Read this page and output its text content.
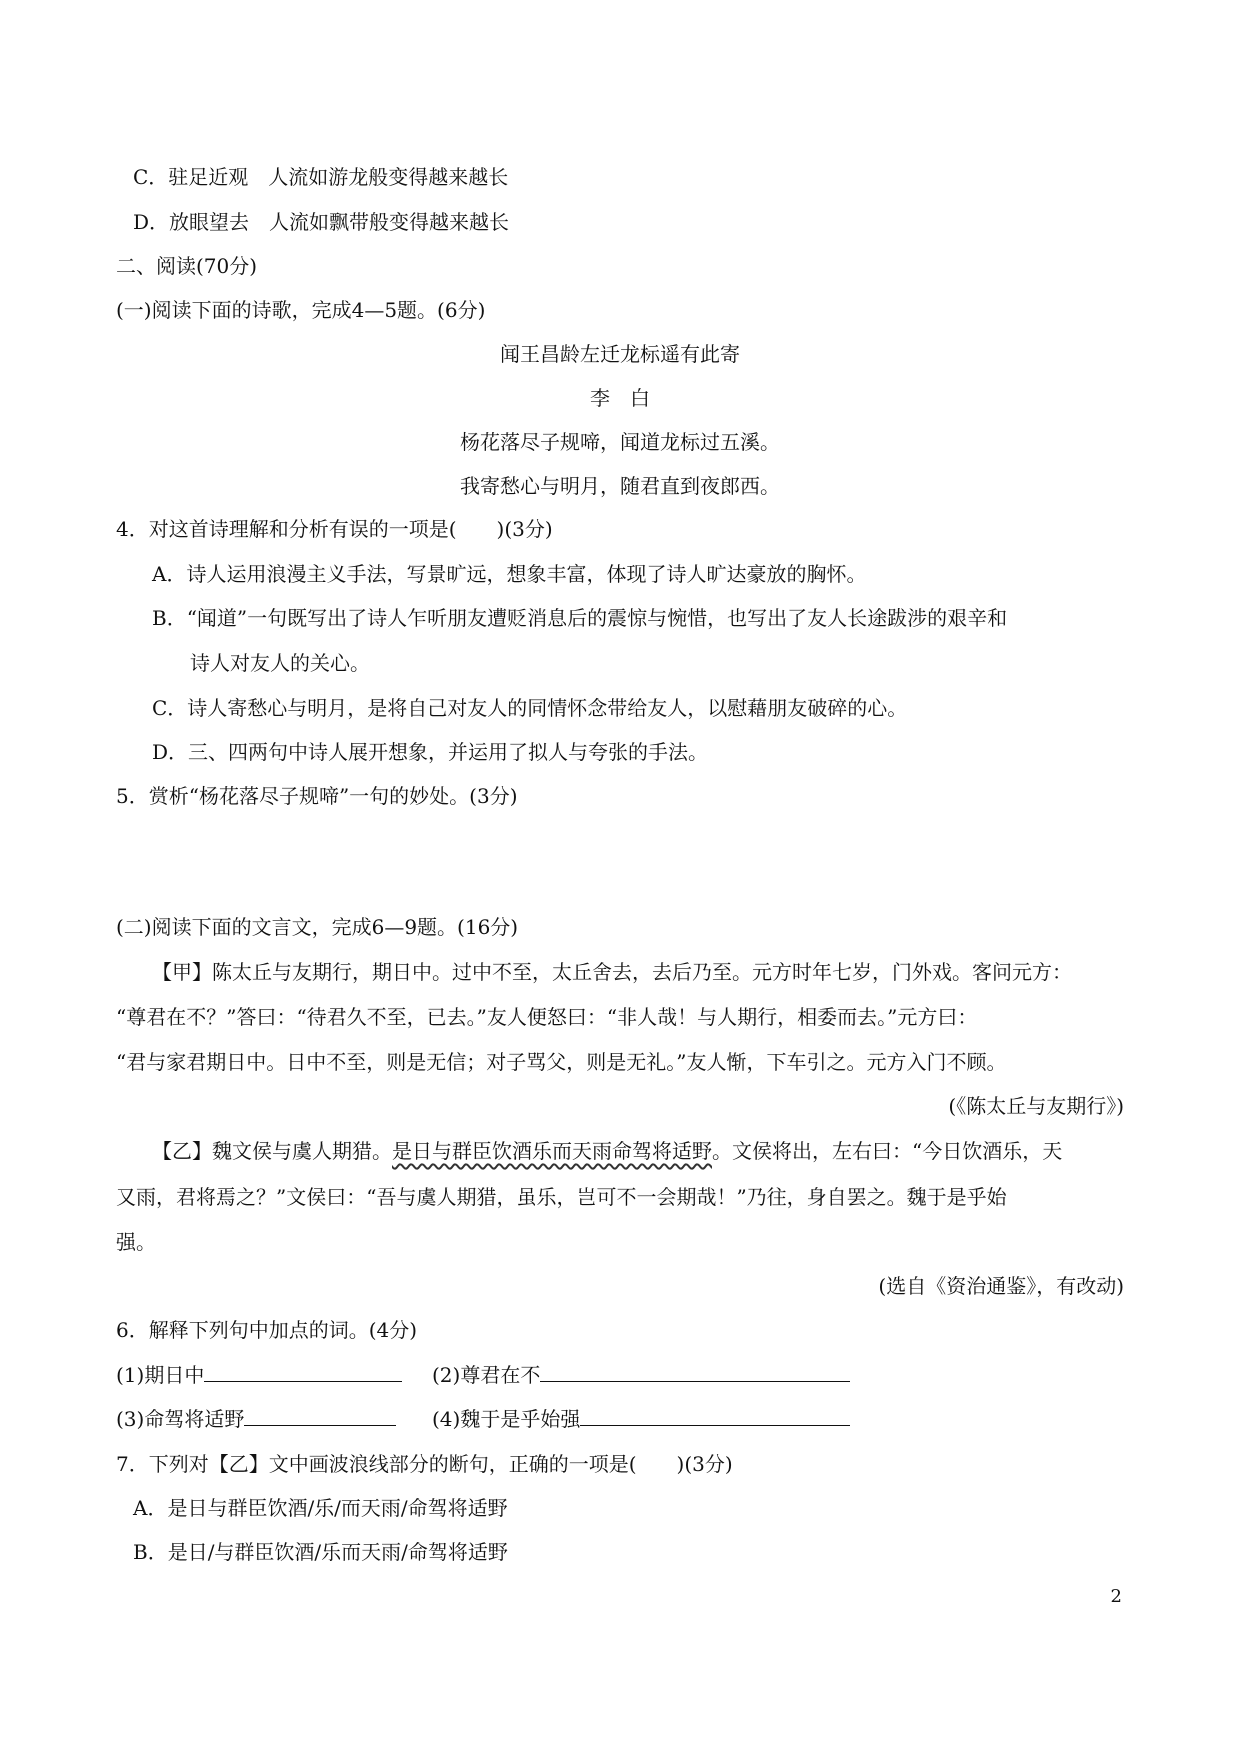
C．驻足近观　人流如游龙般变得越来越长
D．放眼望去　人流如飘带般变得越来越长
二、阅读(70分)
(一)阅读下面的诗歌，完成4—5题。(6分)
闻王昌龄左迁龙标遥有此寄
李　白
杨花落尽子规啼，闻道龙标过五溪。
我寄愁心与明月，随君直到夜郎西。
4．对这首诗理解和分析有误的一项是(　　)(3分)
A．诗人运用浪漫主义手法，写景旷远，想象丰富，体现了诗人旷达豪放的胸怀。
B．“闻道”一句既写出了诗人乍听朋友遭贬消息后的震惊与惋惜，也写出了友人长途跋涉的艰辛和
诗人对友人的关心。
C．诗人寄愁心与明月，是将自己对友人的同情怀念带给友人，以慰藉朋友破碎的心。
D．三、四两句中诗人展开想象，并运用了拟人与夸张的手法。
5．赏析“杨花落尽子规啼”一句的妙处。(3分)
(二)阅读下面的文言文，完成6—9题。(16分)
【甲】陈太丘与友期行，期日中。过中不至，太丘舍去，去后乃至。元方时年七岁，门外戏。客问元方：
“尊君在不？”答曰：“待君久不至，已去。”友人便怒曰：“非人哉！与人期行，相委而去。”元方曰：
“君与家君期日中。日中不至，则是无信；对子骂父，则是无礼。”友人惭，下车引之。元方入门不顾。
(《陈太丘与友期行》)
【乙】魏文侯与虞人期猎。是日与群臣饮酒乐而天雨命驾将适野。文侯将出，左右曰：“今日饮酒乐，天
又雨，君将焉之？”文侯曰：“吾与虞人期猎，虽乐，岂可不一会期哉！”乃往，身自罢之。魏于是乎始
强。
(选自《资治通鉴》，有改动)
6．解释下列句中加点的词。(4分)
(1)期日中	(2)尊君在不
(3)命驾将适野	(4)魏于是乎始强
7．下列对【乙】文中画波浪线部分的断句，正确的一项是(　　)(3分)
A．是日与群臣饮酒/乐/而天雨/命驾将适野
B．是日/与群臣饮酒/乐而天雨/命驾将适野
2
